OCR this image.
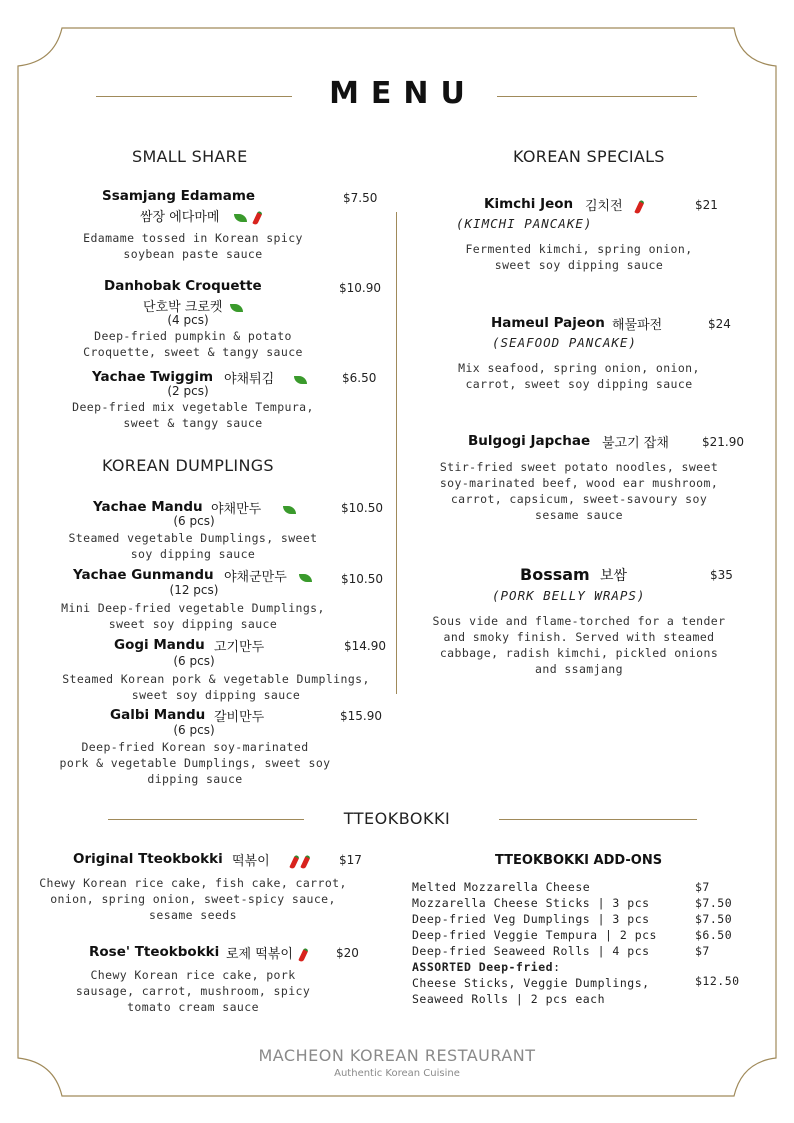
MENU
SMALL SHARE
Ssamjang Edamame	$7.50
쌈장 에다마메
Edamame tossed in Korean spicy
soybean paste sauce
Danhobak Croquette	$10.90
단호박 크로켓
(4 pcs)
Deep-fried pumpkin & potato
Croquette, sweet & tangy sauce
Yachae Twiggim 야채튀김	$6.50
(2 pcs)
Deep-fried mix vegetable Tempura,
sweet & tangy sauce
KOREAN DUMPLINGS
Yachae Mandu 야채만두	$10.50
(6 pcs)
Steamed vegetable Dumplings, sweet
soy dipping sauce
Yachae Gunmandu 야채군만두	$10.50
(12 pcs)
Mini Deep-fried vegetable Dumplings,
sweet soy dipping sauce
Gogi Mandu 고기만두	$14.90
(6 pcs)
Steamed Korean pork & vegetable Dumplings,
sweet soy dipping sauce
Galbi Mandu 갈비만두	$15.90
(6 pcs)
Deep-fried Korean soy-marinated
pork & vegetable Dumplings, sweet soy
dipping sauce
KOREAN SPECIALS
Kimchi Jeon 김치전	$21
(KIMCHI PANCAKE)
Fermented kimchi, spring onion,
sweet soy dipping sauce
Hameul Pajeon 해물파전	$24
(SEAFOOD PANCAKE)
Mix seafood, spring onion, onion,
carrot, sweet soy dipping sauce
Bulgogi Japchae 불고기 잡채	$21.90
Stir-fried sweet potato noodles, sweet
soy-marinated beef, wood ear mushroom,
carrot, capsicum, sweet-savoury soy
sesame sauce
Bossam 보쌈	$35
(PORK BELLY WRAPS)
Sous vide and flame-torched for a tender
and smoky finish. Served with steamed
cabbage, radish kimchi, pickled onions
and ssamjang
TTEOKBOKKI
Original Tteokbokki 떡볶이	$17
Chewy Korean rice cake, fish cake, carrot,
onion, spring onion, sweet-spicy sauce,
sesame seeds
Rose' Tteokbokki 로제 떡볶이	$20
Chewy Korean rice cake, pork
sausage, carrot, mushroom, spicy
tomato cream sauce
TTEOKBOKKI ADD-ONS
Melted Mozzarella Cheese	$7
Mozzarella Cheese Sticks | 3 pcs	$7.50
Deep-fried Veg Dumplings | 3 pcs	$7.50
Deep-fried Veggie Tempura | 2 pcs	$6.50
Deep-fried Seaweed Rolls | 4 pcs	$7
ASSORTED Deep-fried:
Cheese Sticks, Veggie Dumplings,	$12.50
Seaweed Rolls | 2 pcs each
MACHEON KOREAN RESTAURANT
Authentic Korean Cuisine
